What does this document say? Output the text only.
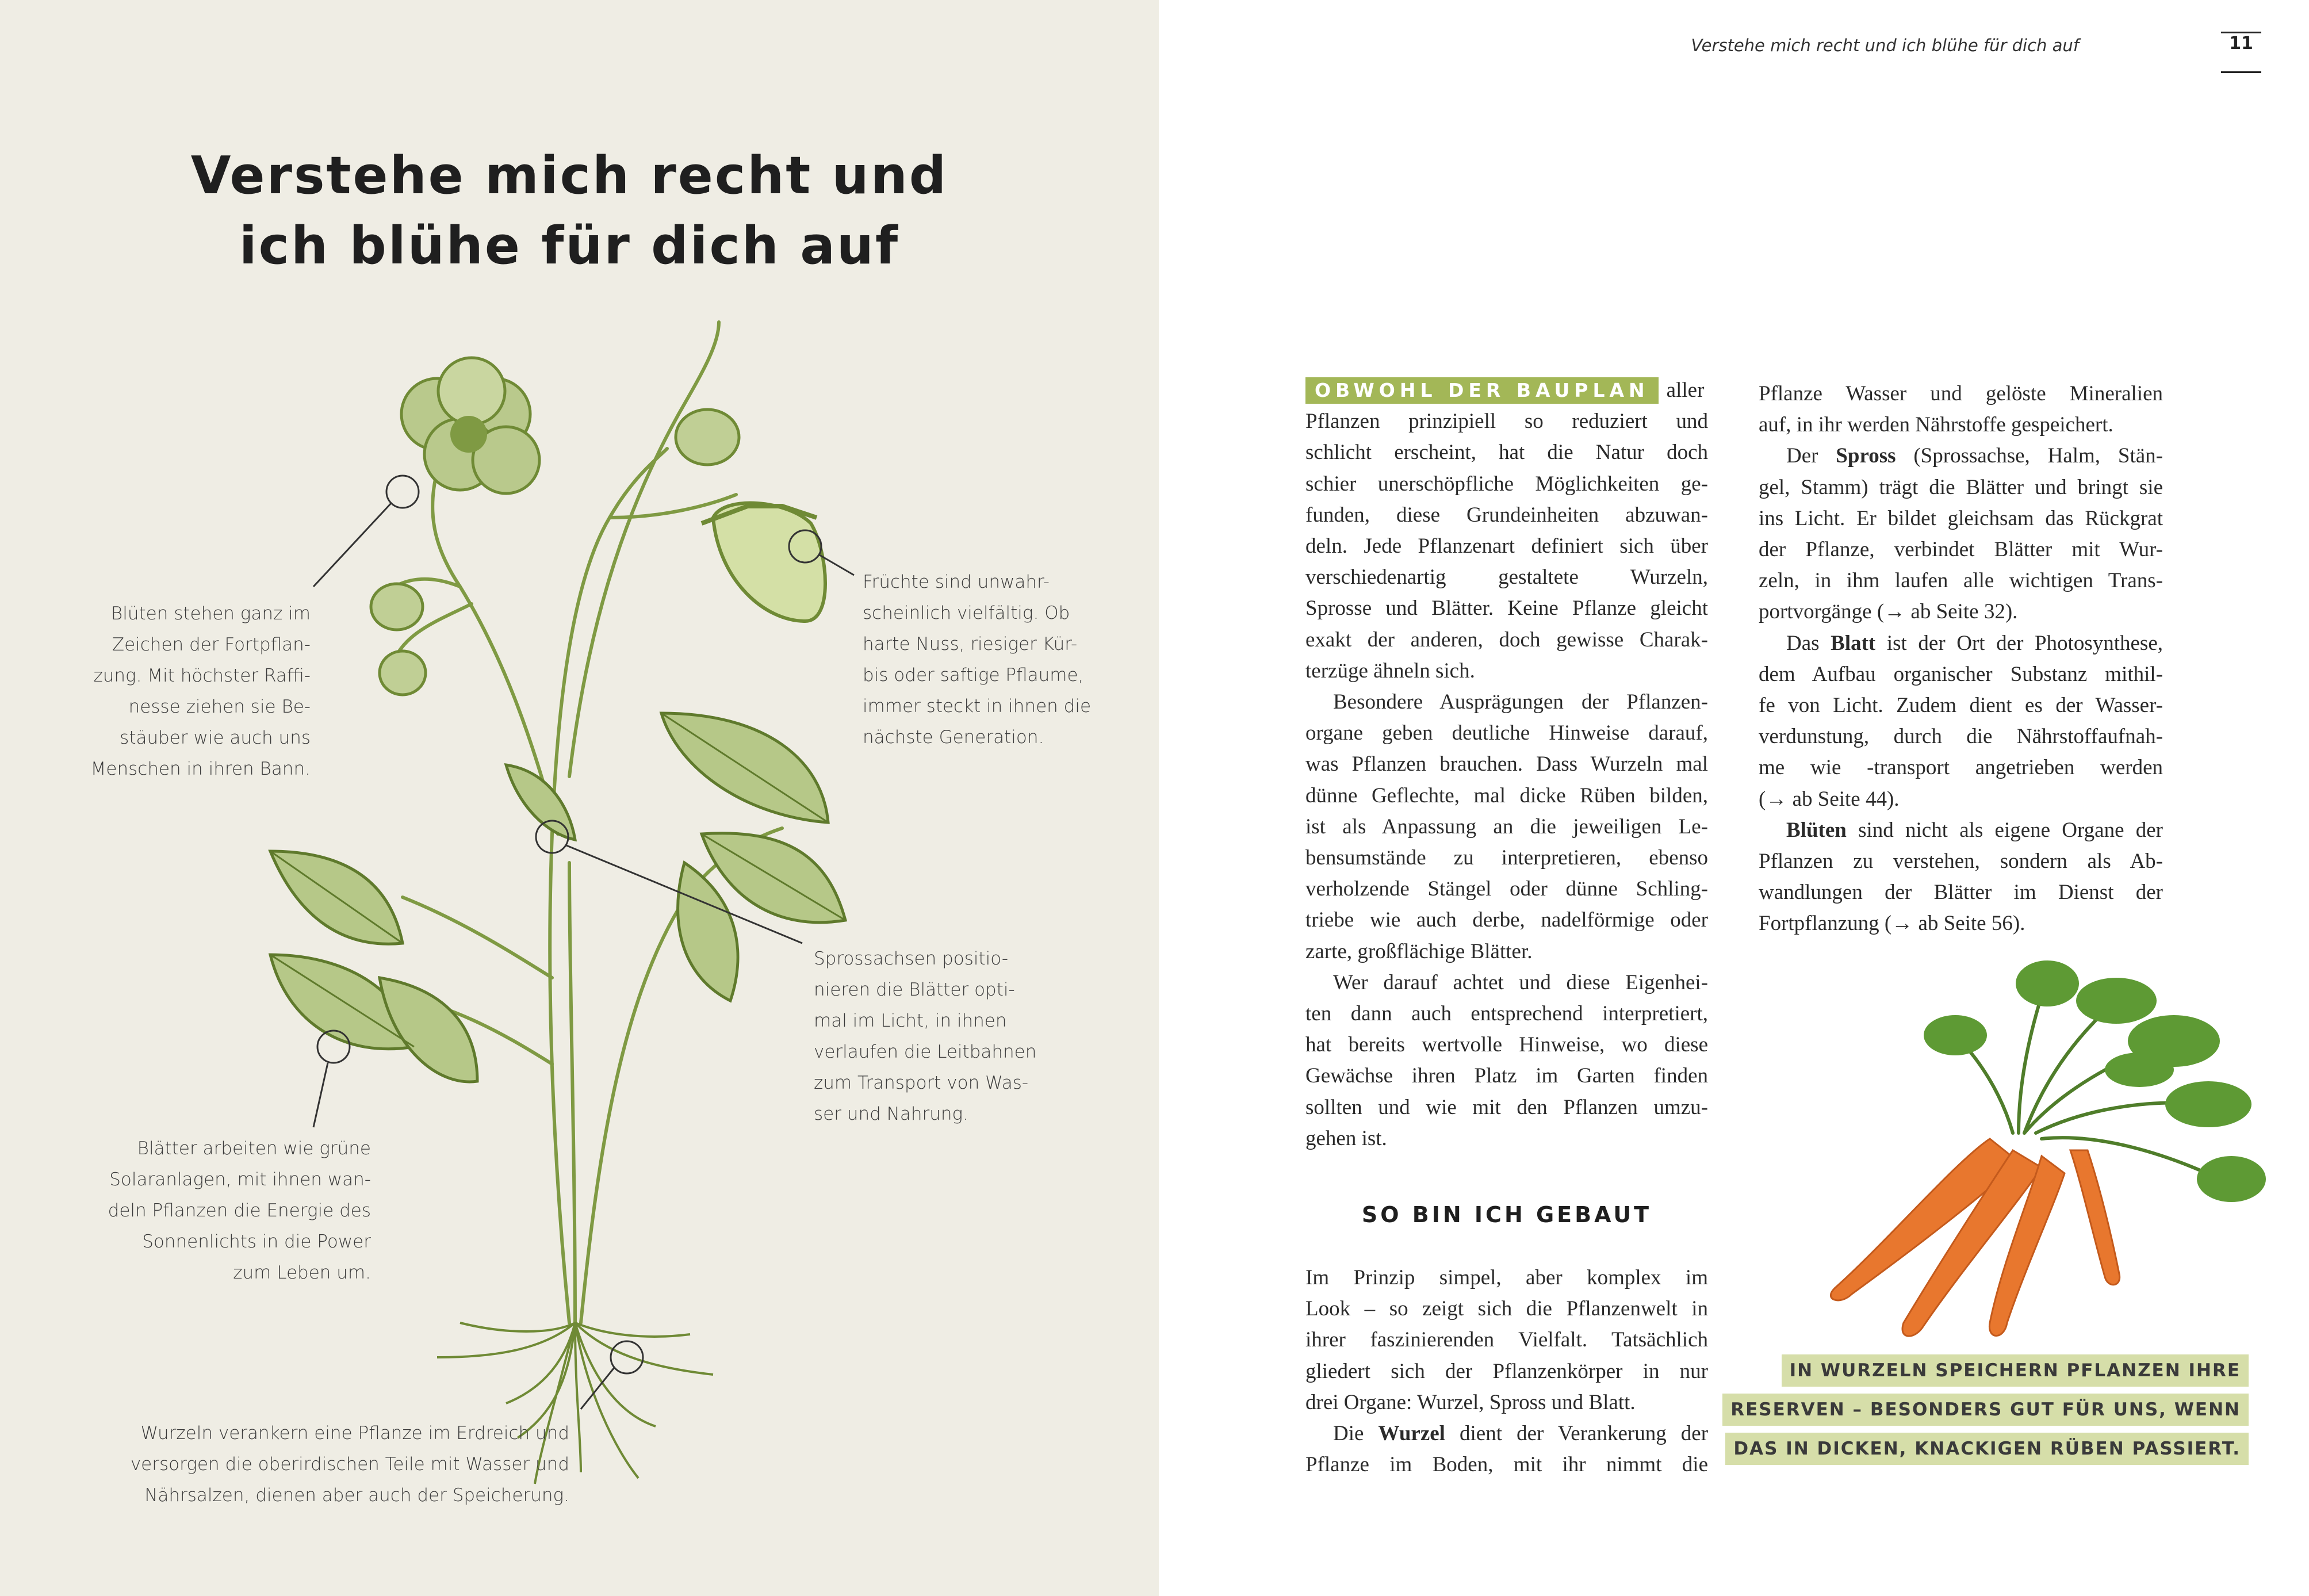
Verstehe mich recht und
ich blühe für dich auf

Blüten stehen ganz im
Zeichen der Fortpflan-
zung. Mit höchster Raffi-
nesse ziehen sie Be-
stäuber wie auch uns
Menschen in ihren Bann.

Früchte sind unwahr-
scheinlich vielfältig. Ob
harte Nuss, riesiger Kür-
bis oder saftige Pflaume,
immer steckt in ihnen die
nächste Generation.

Sprossachsen positio-
nieren die Blätter opti-
mal im Licht, in ihnen
verlaufen die Leitbahnen
zum Transport von Was-
ser und Nahrung.

Blätter arbeiten wie grüne
Solaranlagen, mit ihnen wan-
deln Pflanzen die Energie des
Sonnenlichts in die Power
zum Leben um.

Wurzeln verankern eine Pflanze im Erdreich und
versorgen die oberirdischen Teile mit Wasser und
Nährsalzen, dienen aber auch der Speicherung.

Verstehe mich recht und ich blühe für dich auf	11
OBWOHL DER BAUPLAN aller
Pflanzen prinzipiell so reduziert und
schlicht erscheint, hat die Natur doch
schier unerschöpfliche Möglichkeiten ge-
funden, diese Grundeinheiten abzuwan-
deln. Jede Pflanzenart definiert sich über
verschiedenartig gestaltete Wurzeln,
Sprosse und Blätter. Keine Pflanze gleicht
exakt der anderen, doch gewisse Charak-
terzüge ähneln sich.
Besondere Ausprägungen der Pflanzen-
organe geben deutliche Hinweise darauf,
was Pflanzen brauchen. Dass Wurzeln mal
dünne Geflechte, mal dicke Rüben bilden,
ist als Anpassung an die jeweiligen Le-
bensumstände zu interpretieren, ebenso
verholzende Stängel oder dünne Schling-
triebe wie auch derbe, nadelförmige oder
zarte, großflächige Blätter.
Wer darauf achtet und diese Eigenhei-
ten dann auch entsprechend interpretiert,
hat bereits wertvolle Hinweise, wo diese
Gewächse ihren Platz im Garten finden
sollten und wie mit den Pflanzen umzu-
gehen ist.
SO BIN ICH GEBAUT
Im Prinzip simpel, aber komplex im
Look – so zeigt sich die Pflanzenwelt in
ihrer faszinierenden Vielfalt. Tatsächlich
gliedert sich der Pflanzenkörper in nur
drei Organe: Wurzel, Spross und Blatt.
Die Wurzel dient der Verankerung der
Pflanze im Boden, mit ihr nimmt die
Pflanze Wasser und gelöste Mineralien
auf, in ihr werden Nährstoffe gespeichert.
Der Spross (Sprossachse, Halm, Stän-
gel, Stamm) trägt die Blätter und bringt sie
ins Licht. Er bildet gleichsam das Rückgrat
der Pflanze, verbindet Blätter mit Wur-
zeln, in ihm laufen alle wichtigen Trans-
portvorgänge (→ ab Seite 32).
Das Blatt ist der Ort der Photosynthese,
dem Aufbau organischer Substanz mithil-
fe von Licht. Zudem dient es der Wasser-
verdunstung, durch die Nährstoffaufnah-
me wie -transport angetrieben werden
(→ ab Seite 44).
Blüten sind nicht als eigene Organe der
Pflanzen zu verstehen, sondern als Ab-
wandlungen der Blätter im Dienst der
Fortpflanzung (→ ab Seite 56).
IN WURZELN SPEICHERN PFLANZEN IHRE
RESERVEN – BESONDERS GUT FÜR UNS, WENN
DAS IN DICKEN, KNACKIGEN RÜBEN PASSIERT.
